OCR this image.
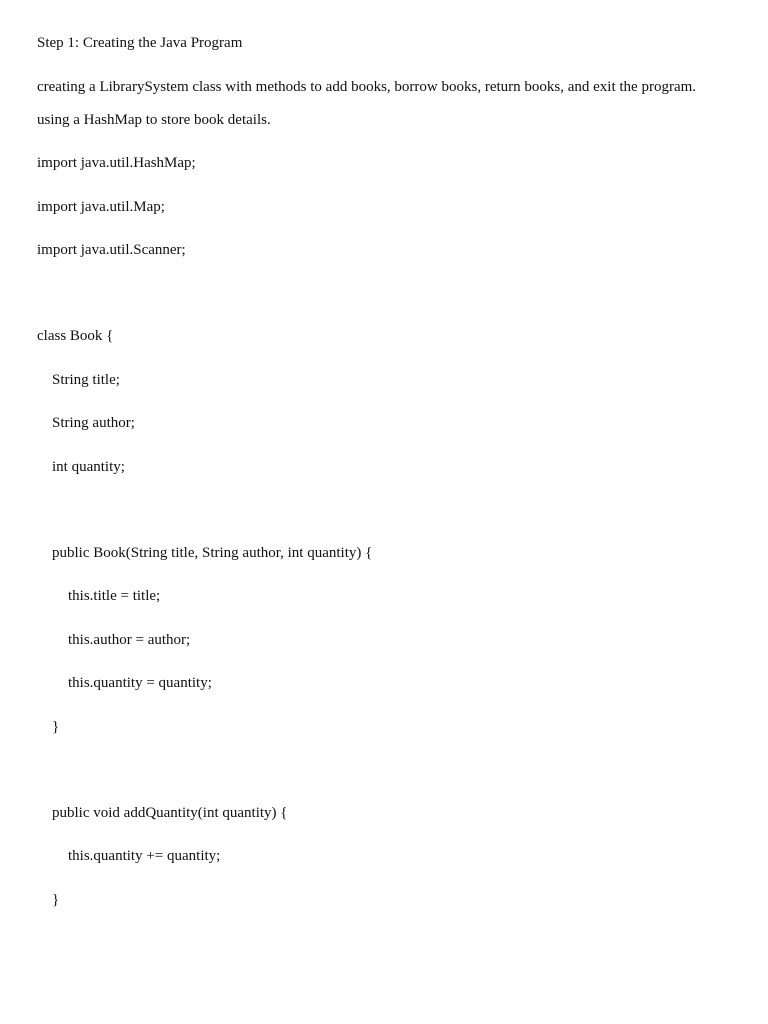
Step 1: Creating the Java Program
creating a LibrarySystem class with methods to add books, borrow books, return books, and exit the program.
using a HashMap to store book details.
import java.util.HashMap;
import java.util.Map;
import java.util.Scanner;
class Book {
String title;
String author;
int quantity;
public Book(String title, String author, int quantity) {
this.title = title;
this.author = author;
this.quantity = quantity;
}
public void addQuantity(int quantity) {
this.quantity += quantity;
}
